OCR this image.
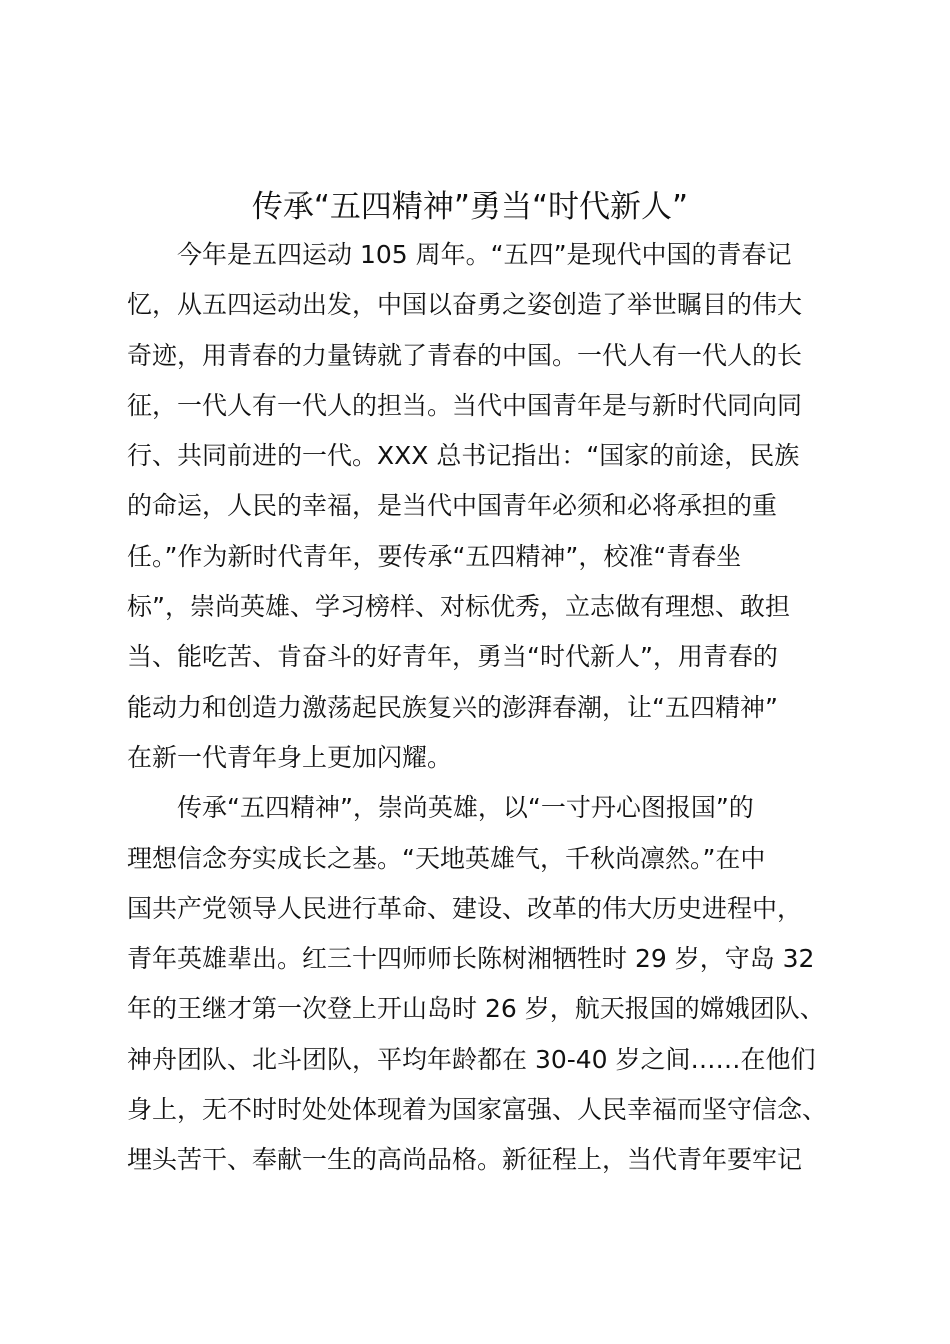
传承“五四精神”勇当“时代新人”
今年是五四运动 105 周年。“五四”是现代中国的青春记
忆，从五四运动出发，中国以奋勇之姿创造了举世瞩目的伟大
奇迹，用青春的力量铸就了青春的中国。一代人有一代人的长
征，一代人有一代人的担当。当代中国青年是与新时代同向同
行、共同前进的一代。XXX 总书记指出：“国家的前途，民族
的命运，人民的幸福，是当代中国青年必须和必将承担的重
任。”作为新时代青年，要传承“五四精神”，校准“青春坐
标”，崇尚英雄、学习榜样、对标优秀，立志做有理想、敢担
当、能吃苦、肯奋斗的好青年，勇当“时代新人”，用青春的
能动力和创造力激荡起民族复兴的澎湃春潮，让“五四精神”
在新一代青年身上更加闪耀。
传承“五四精神”，崇尚英雄，以“一寸丹心图报国”的
理想信念夯实成长之基。“天地英雄气，千秋尚凛然。”在中
国共产党领导人民进行革命、建设、改革的伟大历史进程中，
青年英雄辈出。红三十四师师长陈树湘牺牲时 29 岁，守岛 32
年的王继才第一次登上开山岛时 26 岁，航天报国的嫦娥团队、
神舟团队、北斗团队，平均年龄都在 30-40 岁之间……在他们
身上，无不时时处处体现着为国家富强、人民幸福而坚守信念、
埋头苦干、奉献一生的高尚品格。新征程上，当代青年要牢记
